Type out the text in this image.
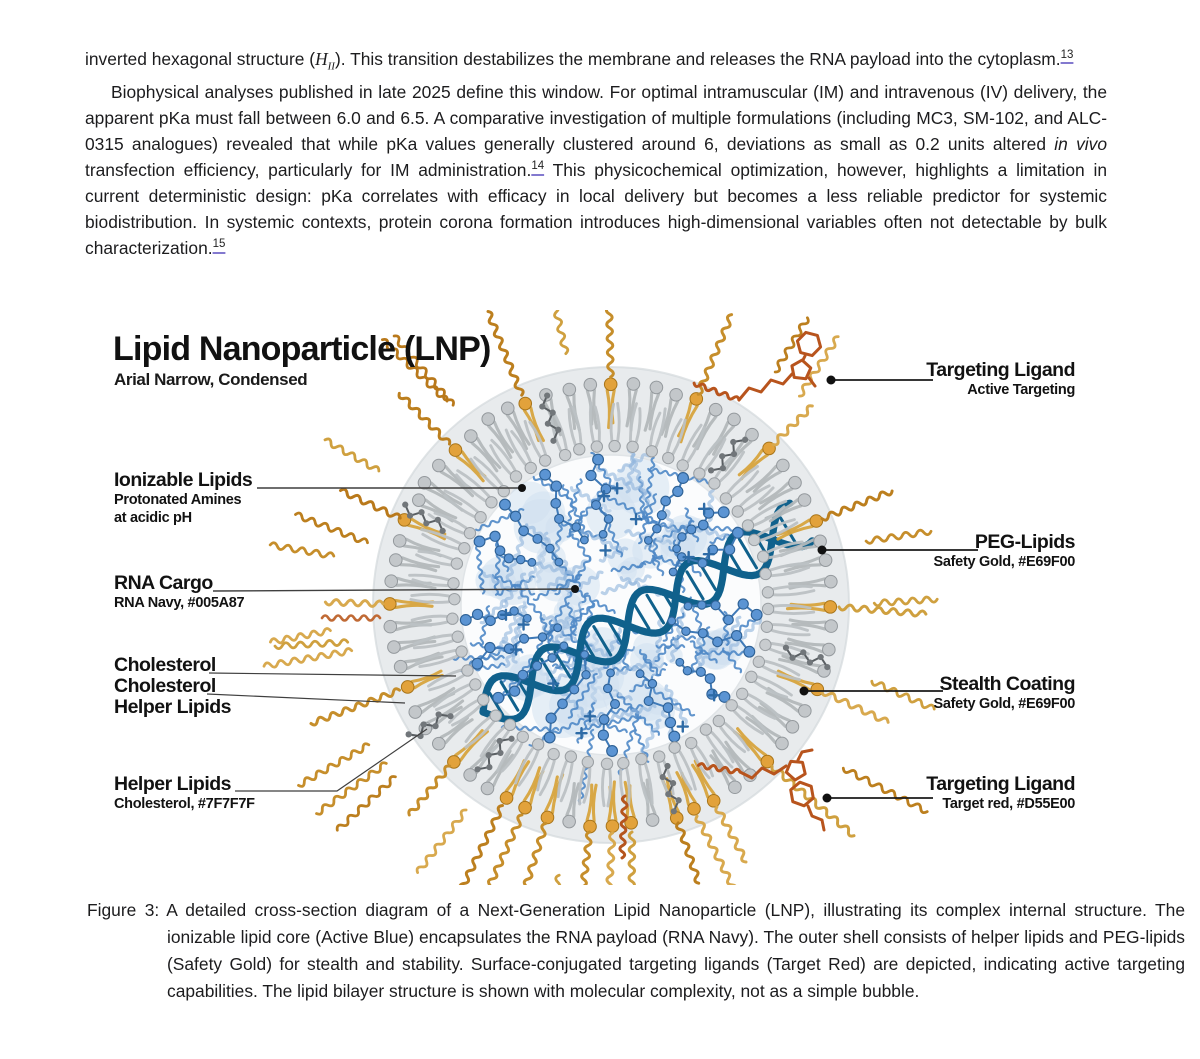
inverted hexagonal structure $(H_{II})$. This transition destabilizes the membrane and releases the RNA payload into the cytoplasm.$^{13}$

Biophysical analyses published in late 2025 define this window. For optimal intramuscular (IM) and intravenous (IV) delivery, the apparent pKa must fall between 6.0 and 6.5. A comparative investigation of multiple formulations (including MC3, SM-102, and ALC-0315 analogues) revealed that while pKa values generally clustered around 6, deviations as small as 0.2 units altered in vivo transfection efficiency, particularly for IM administration.$^{14}$ This physicochemical optimization, however, highlights a limitation in current deterministic design: pKa correlates with efficacy in local delivery but becomes a less reliable predictor for systemic biodistribution. In systemic contexts, protein corona formation introduces high-dimensional variables often not detectable by bulk characterization.$^{15}$

Lipid Nanoparticle (LNP)
Arial Narrow, Condensed
Ionizable Lipids
Protonated Amines
at acidic pH
RNA Cargo
RNA Navy, #005A87
Cholesterol
Cholesterol
Helper Lipids
Helper Lipids
Cholesterol, #7F7F7F
Targeting Ligand
Active Targeting
PEG-Lipids
Safety Gold, #E69F00
Stealth Coating
Safety Gold, #E69F00
Targeting Ligand
Target red, #D55E00
Figure 3: A detailed cross-section diagram of a Next-Generation Lipid Nanoparticle (LNP), illustrating its complex internal structure. The ionizable lipid core (Active Blue) encapsulates the RNA payload (RNA Navy). The outer shell consists of helper lipids and PEG-lipids (Safety Gold) for stealth and stability. Surface-conjugated targeting ligands (Target Red) are depicted, indicating active targeting capabilities. The lipid bilayer structure is shown with molecular complexity, not as a simple bubble.
